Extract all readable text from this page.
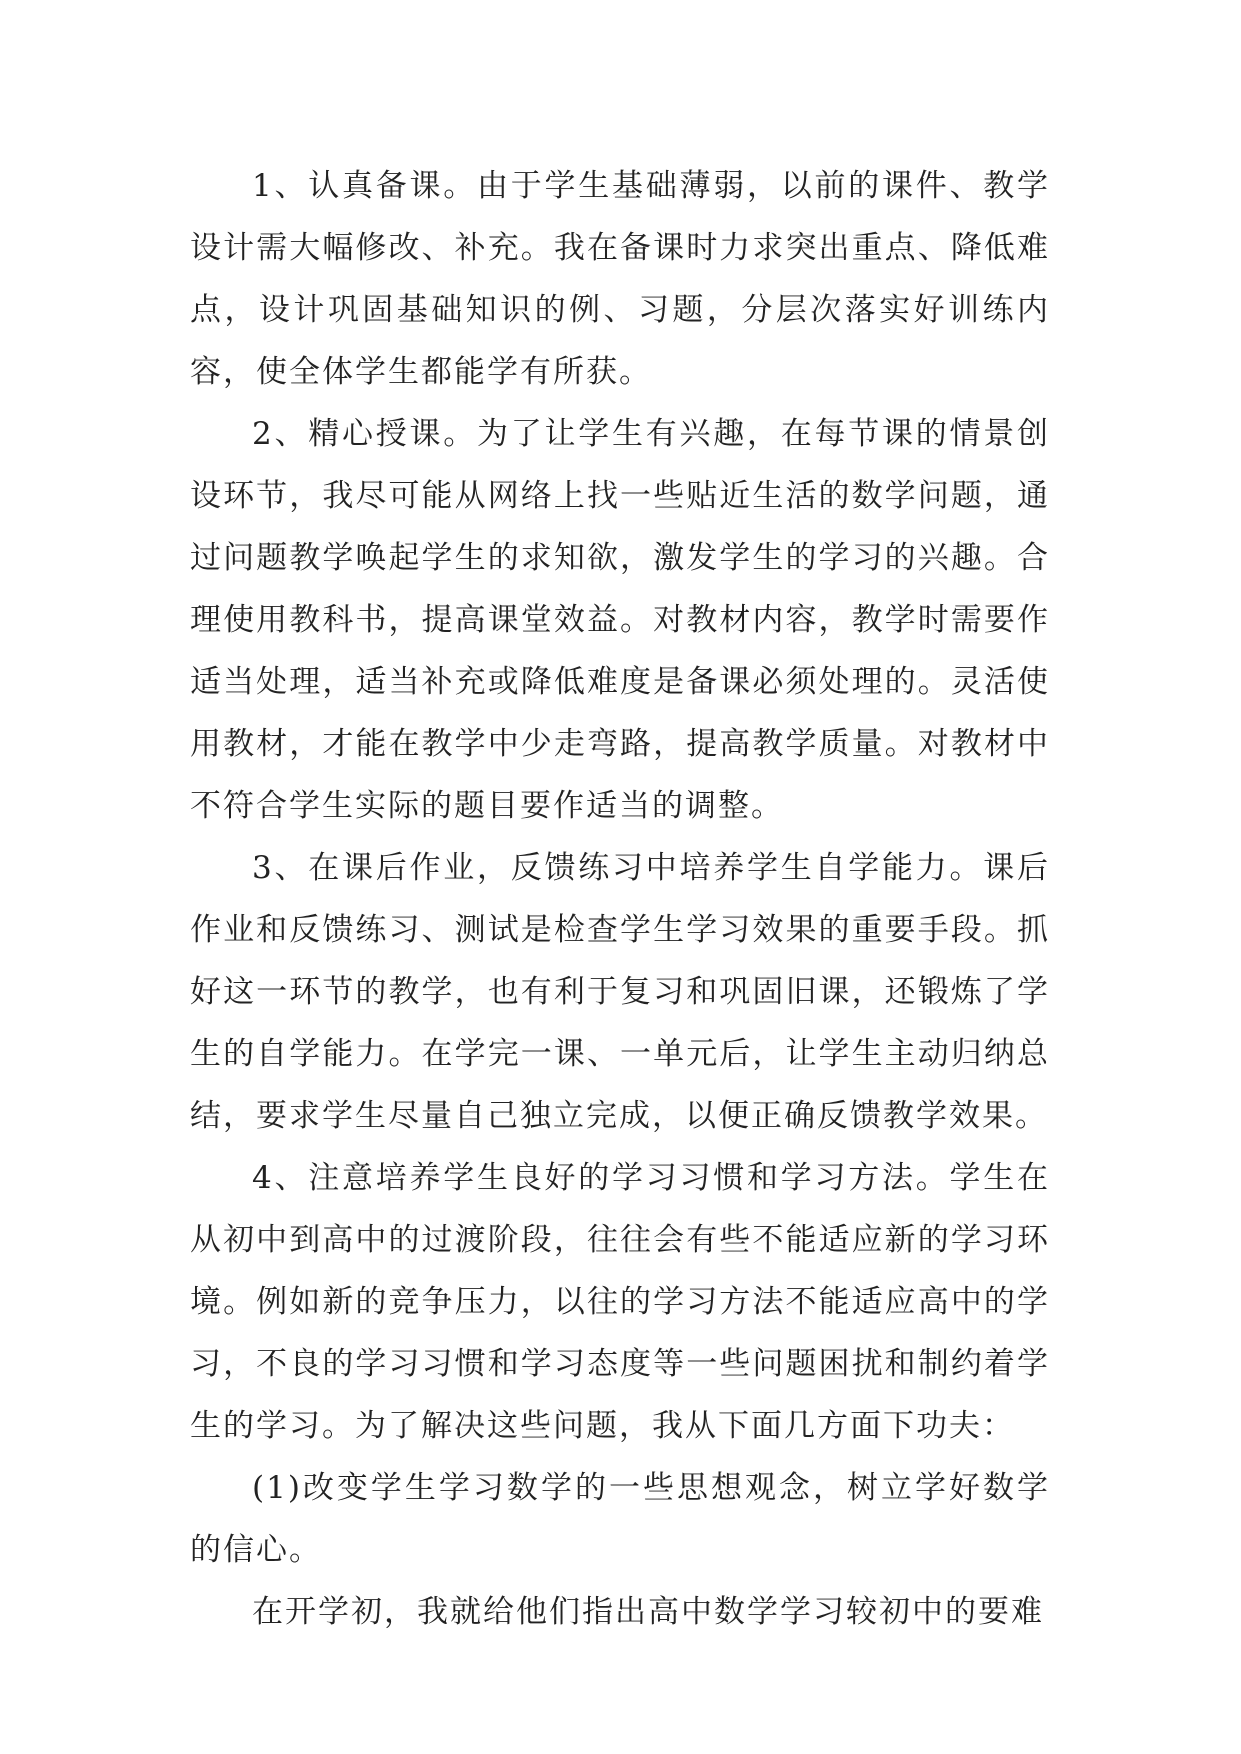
1、认真备课。由于学生基础薄弱，以前的课件、教学设计需大幅修改、补充。我在备课时力求突出重点、降低难点，设计巩固基础知识的例、习题，分层次落实好训练内容，使全体学生都能学有所获。

2、精心授课。为了让学生有兴趣，在每节课的情景创设环节，我尽可能从网络上找一些贴近生活的数学问题，通过问题教学唤起学生的求知欲，激发学生的学习的兴趣。合理使用教科书，提高课堂效益。对教材内容，教学时需要作适当处理，适当补充或降低难度是备课必须处理的。灵活使用教材，才能在教学中少走弯路，提高教学质量。对教材中不符合学生实际的题目要作适当的调整。

3、在课后作业，反馈练习中培养学生自学能力。课后作业和反馈练习、测试是检查学生学习效果的重要手段。抓好这一环节的教学，也有利于复习和巩固旧课，还锻炼了学生的自学能力。在学完一课、一单元后，让学生主动归纳总结，要求学生尽量自己独立完成，以便正确反馈教学效果。

4、注意培养学生良好的学习习惯和学习方法。学生在从初中到高中的过渡阶段，往往会有些不能适应新的学习环境。例如新的竞争压力，以往的学习方法不能适应高中的学习，不良的学习习惯和学习态度等一些问题困扰和制约着学生的学习。为了解决这些问题，我从下面几方面下功夫：

(1)改变学生学习数学的一些思想观念，树立学好数学的信心。

在开学初，我就给他们指出高中数学学习较初中的要难
